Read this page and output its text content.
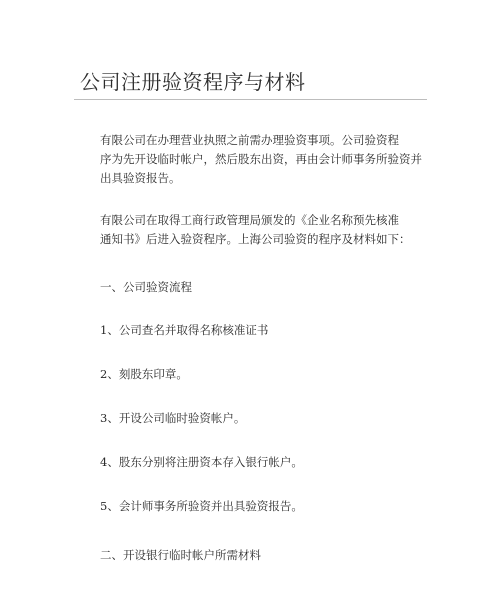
公司注册验资程序与材料
有限公司在办理营业执照之前需办理验资事项。公司验资程
序为先开设临时帐户，然后股东出资，再由会计师事务所验资并
出具验资报告。
有限公司在取得工商行政管理局颁发的《企业名称预先核准
通知书》后进入验资程序。上海公司验资的程序及材料如下：
一、公司验资流程
1、公司查名并取得名称核准证书
2、刻股东印章。
3、开设公司临时验资帐户。
4、股东分别将注册资本存入银行帐户。
5、会计师事务所验资并出具验资报告。
二、开设银行临时帐户所需材料
